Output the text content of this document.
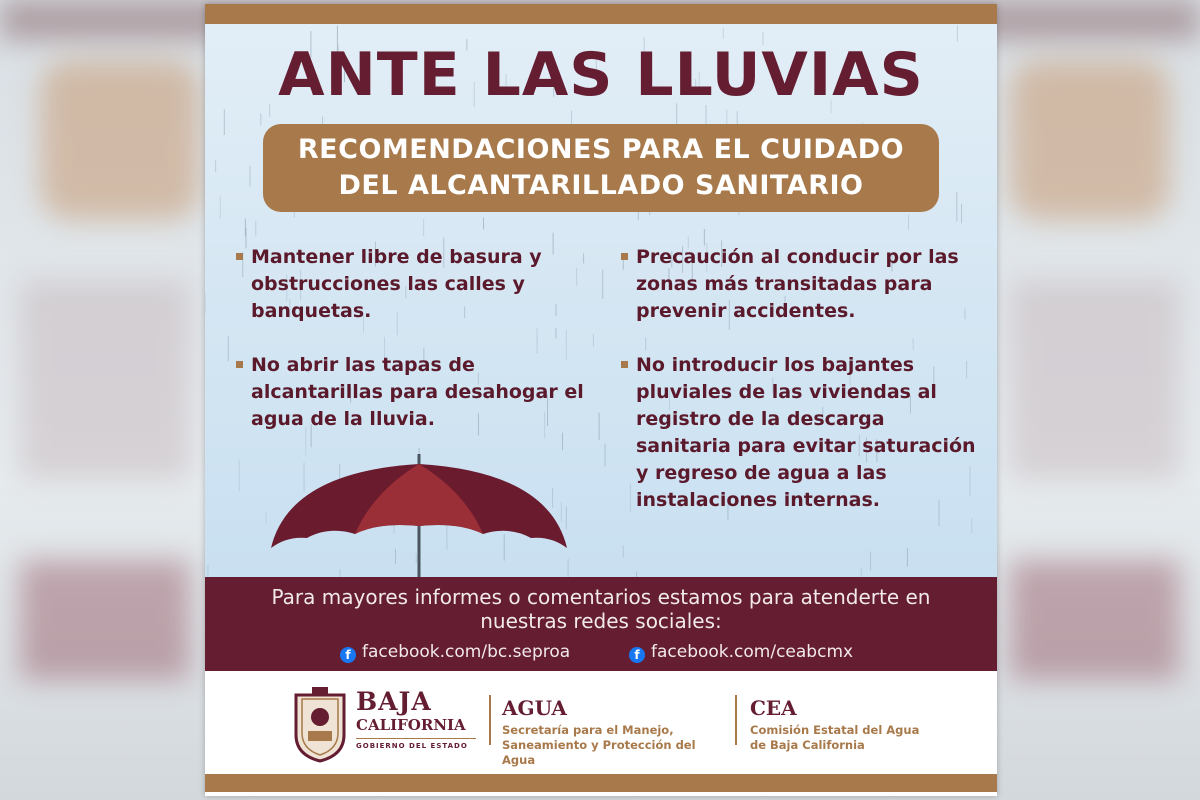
ANTE LAS LLUVIAS
RECOMENDACIONES PARA EL CUIDADO
DEL ALCANTARILLADO SANITARIO
Mantener libre de basura y
obstrucciones las calles y
banquetas.
No abrir las tapas de
alcantarillas para desahogar el
agua de la lluvia.
Precaución al conducir por las
zonas más transitadas para
prevenir accidentes.
No introducir los bajantes
pluviales de las viviendas al
registro de la descarga
sanitaria para evitar saturación
y regreso de agua a las
instalaciones internas.
Para mayores informes o comentarios estamos para atenderte en nuestras redes sociales:
f facebook.com/bc.seproa	f facebook.com/ceabcmx
BAJA
CALIFORNIA
GOBIERNO DEL ESTADO
AGUA
Secretaría para el Manejo,
Saneamiento y Protección del Agua
CEA
Comisión Estatal del Agua
de Baja California
